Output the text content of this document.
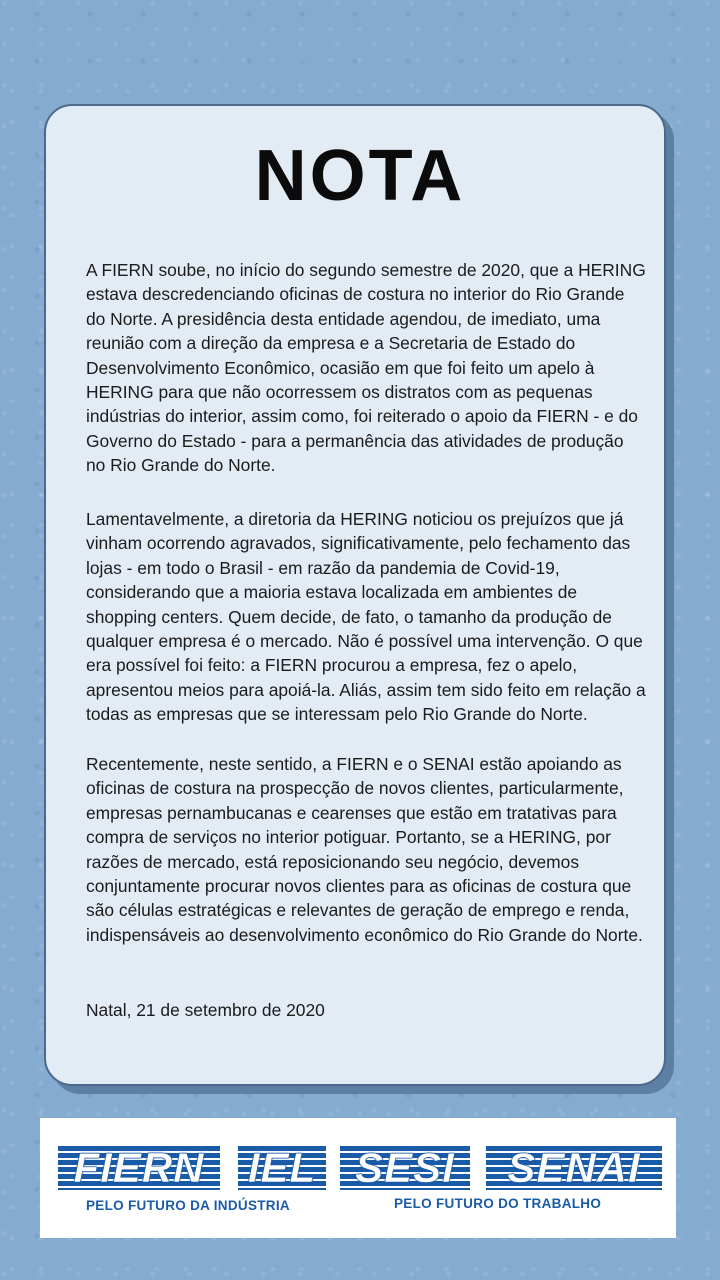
NOTA

A FIERN soube, no início do segundo semestre de 2020, que a HERING estava descredenciando oficinas de costura no interior do Rio Grande do Norte. A presidência desta entidade agendou, de imediato, uma reunião com a direção da empresa e a Secretaria de Estado do Desenvolvimento Econômico, ocasião em que foi feito um apelo à HERING para que não ocorressem os distratos com as pequenas indústrias do interior, assim como, foi reiterado o apoio da FIERN - e do Governo do Estado - para a permanência das atividades de produção no Rio Grande do Norte.

Lamentavelmente, a diretoria da HERING noticiou os prejuízos que já vinham ocorrendo agravados, significativamente, pelo fechamento das lojas - em todo o Brasil - em razão da pandemia de Covid-19, considerando que a maioria estava localizada em ambientes de shopping centers. Quem decide, de fato, o tamanho da produção de qualquer empresa é o mercado. Não é possível uma intervenção. O que era possível foi feito: a FIERN procurou a empresa, fez o apelo, apresentou meios para apoiá-la. Aliás, assim tem sido feito em relação a todas as empresas que se interessam pelo Rio Grande do Norte.

Recentemente, neste sentido, a FIERN e o SENAI estão apoiando as oficinas de costura na prospecção de novos clientes, particularmente, empresas pernambucanas e cearenses que estão em tratativas para compra de serviços no interior potiguar. Portanto, se a HERING, por razões de mercado, está reposicionando seu negócio, devemos conjuntamente procurar novos clientes para as oficinas de costura que são células estratégicas e relevantes de geração de emprego e renda, indispensáveis ao desenvolvimento econômico do Rio Grande do Norte.

Natal, 21 de setembro de 2020

FIERN	IEL SESI	SENAI
PELO FUTURO DA INDÚSTRIA	PELO FUTURO DO TRABALHO
